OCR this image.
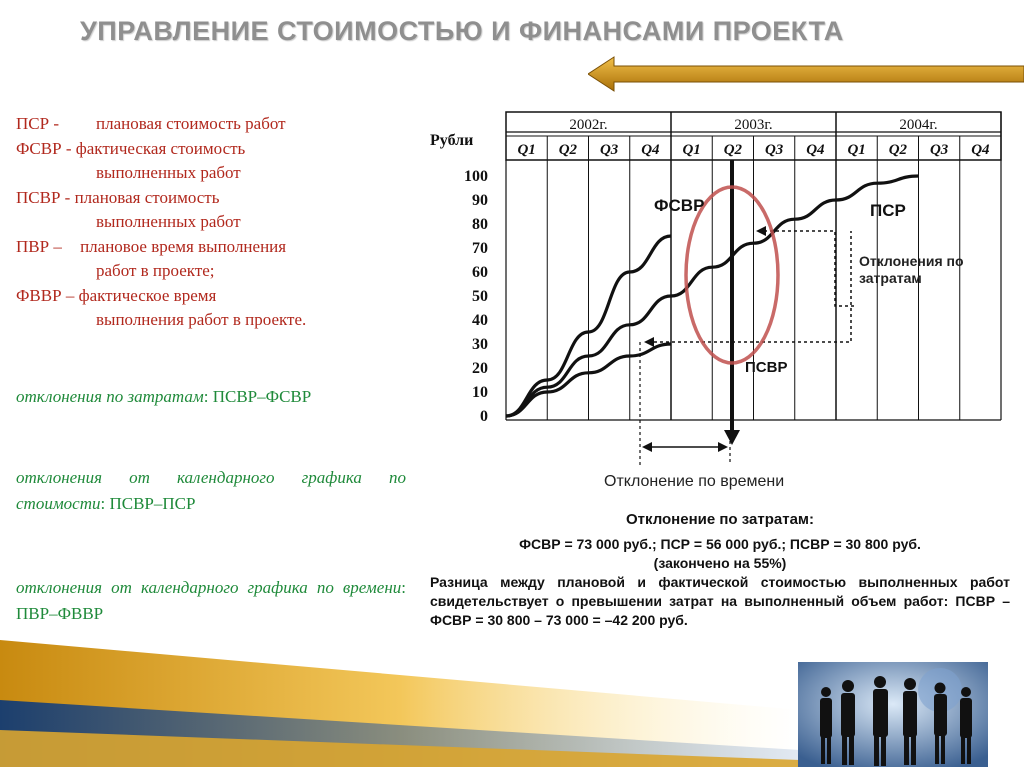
УПРАВЛЕНИЕ СТОИМОСТЬЮ И ФИНАНСАМИ ПРОЕКТА
ПСР - плановая стоимость работ
ФСВР - фактическая стоимость
выполненных работ
ПСВР - плановая стоимость
выполненных работ
ПВР – плановое время выполнения
работ в проекте;
ФВВР – фактическое время
выполнения работ в проекте.
отклонения по затратам: ПСВР–ФСВР
отклонения от календарного графика по стоимости: ПСВР–ПСР
отклонения от календарного графика по времени: ПВР–ФВВР
2002г.	2003г.	2004г.
Q1 Q2 Q3 Q4 Q1 Q2 Q3 Q4 Q1 Q2 Q3 Q4
Рубли
100
90
80
70
60
50
40
30
20
10
0
ФСВР	ПСР
ПСВР
Отклонения по
затратам
Отклонение по времени
Отклонение по затратам:
ФСВР = 73 000 руб.; ПСР = 56 000 руб.; ПСВР = 30 800 руб.
(закончено на 55%)
Разница между плановой и фактической стоимостью выполненных работ свидетельствует о превышении затрат на выполненный объем работ: ПСВР – ФСВР = 30 800 – 73 000 = –42 200 руб.
